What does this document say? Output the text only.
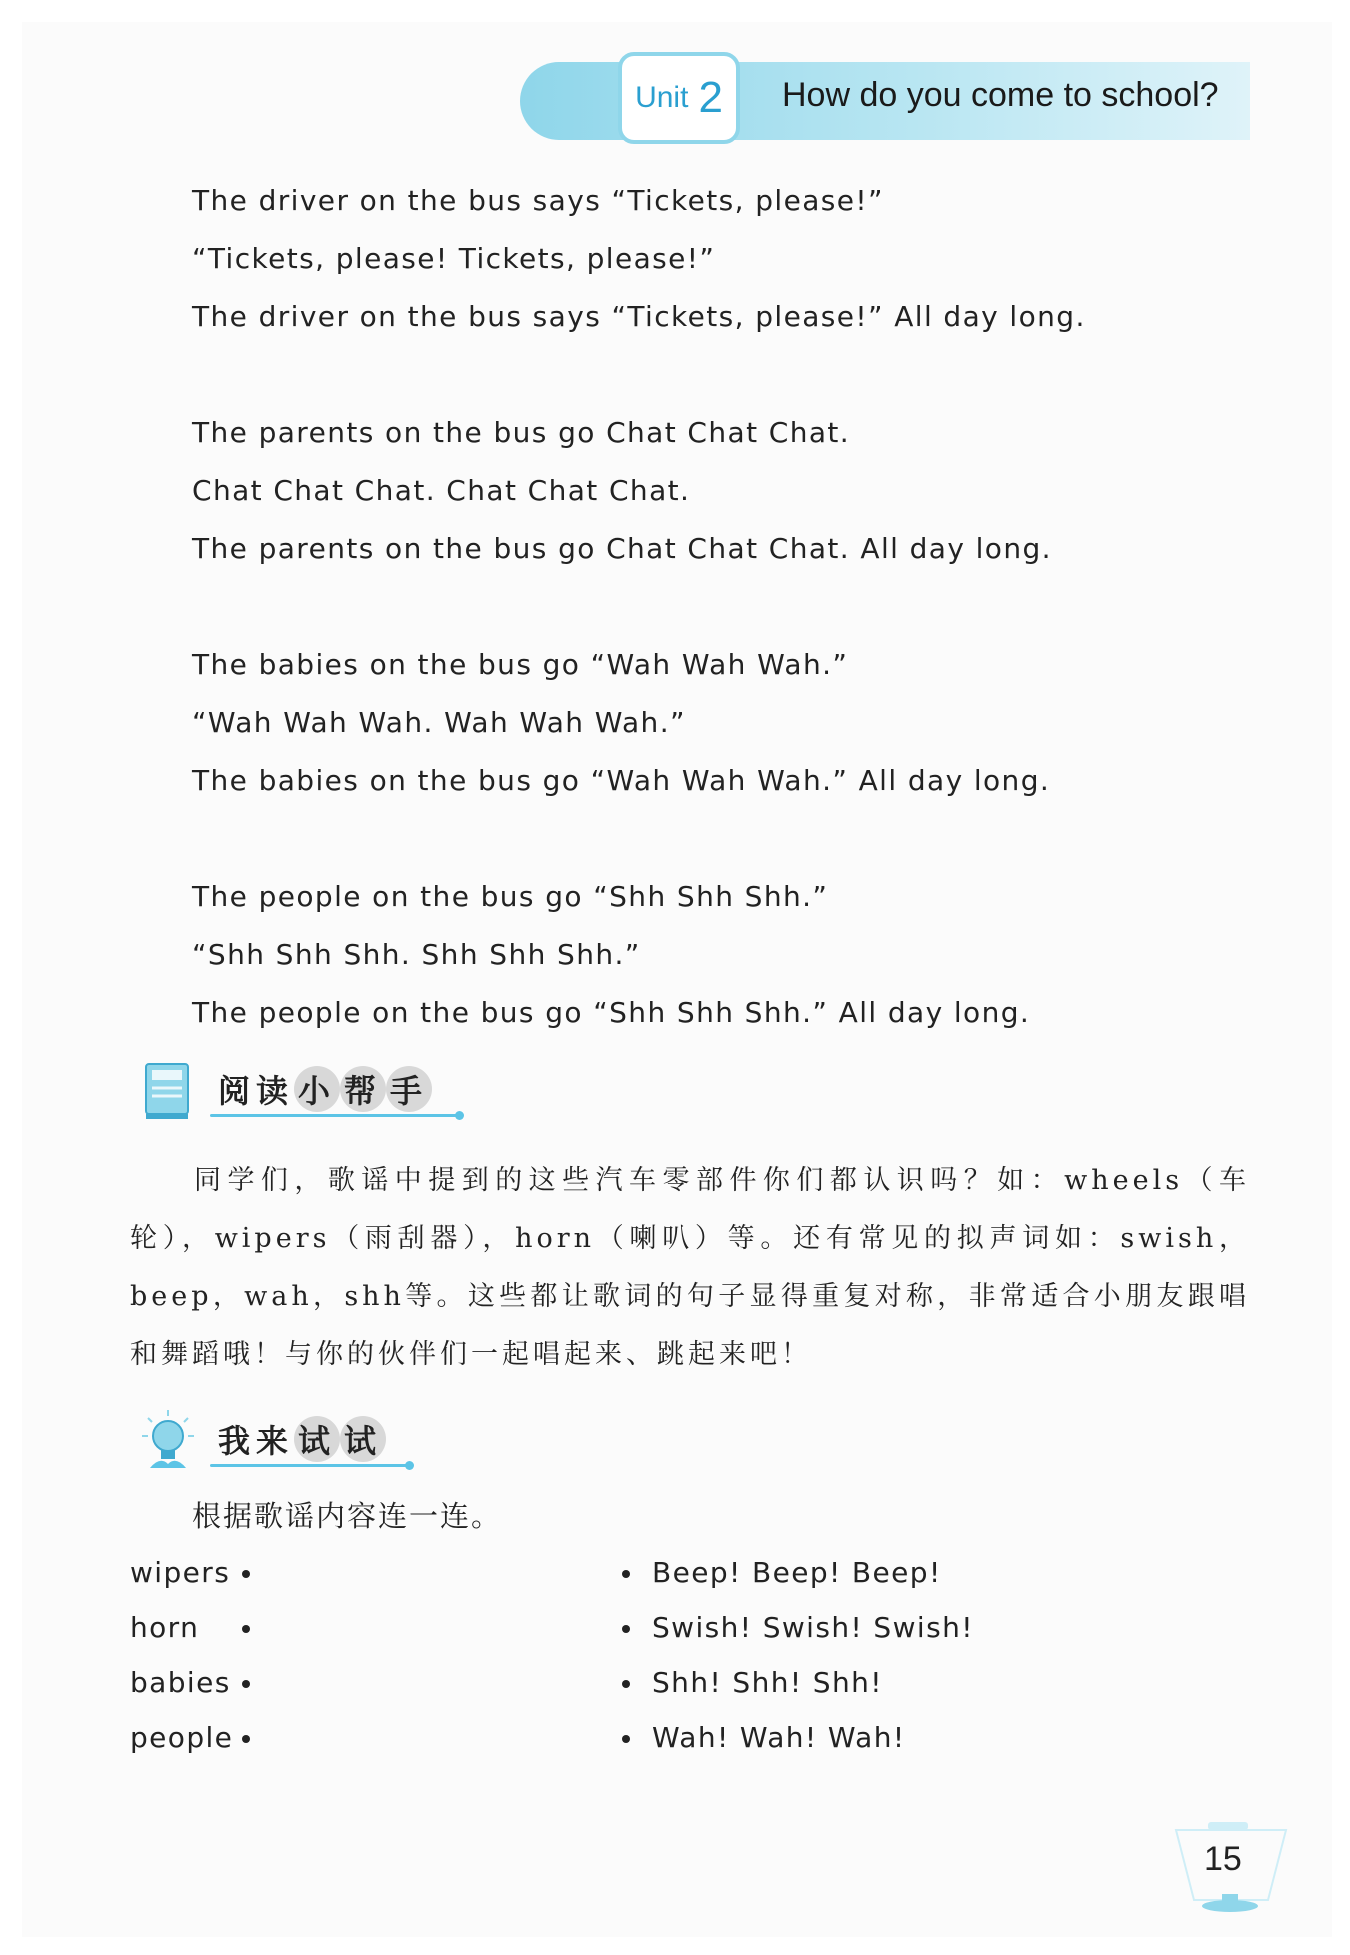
Unit 2 How do you come to school?
The driver on the bus says “Tickets, please!”
“Tickets, please! Tickets, please!”
The driver on the bus says “Tickets, please!” All day long.
The parents on the bus go Chat Chat Chat.
Chat Chat Chat. Chat Chat Chat.
The parents on the bus go Chat Chat Chat. All day long.
The babies on the bus go “Wah Wah Wah.”
“Wah Wah Wah. Wah Wah Wah.”
The babies on the bus go “Wah Wah Wah.” All day long.
The people on the bus go “Shh Shh Shh.”
“Shh Shh Shh. Shh Shh Shh.”
The people on the bus go “Shh Shh Shh.” All day long.
阅读 小 帮 手
同学们，歌谣中提到的这些汽车零部件你们都认识吗？如：wheels（车轮），wipers（雨刮器），horn（喇叭）等。还有常见的拟声词如：swish，beep，wah，shh等。这些都让歌词的句子显得重复对称，非常适合小朋友跟唱和舞蹈哦！与你的伙伴们一起唱起来、跳起来吧！
我来 试 试
根据歌谣内容连一连。
wipers
horn
babies
people
Beep! Beep! Beep!
Swish! Swish! Swish!
Shh! Shh! Shh!
Wah! Wah! Wah!
15
